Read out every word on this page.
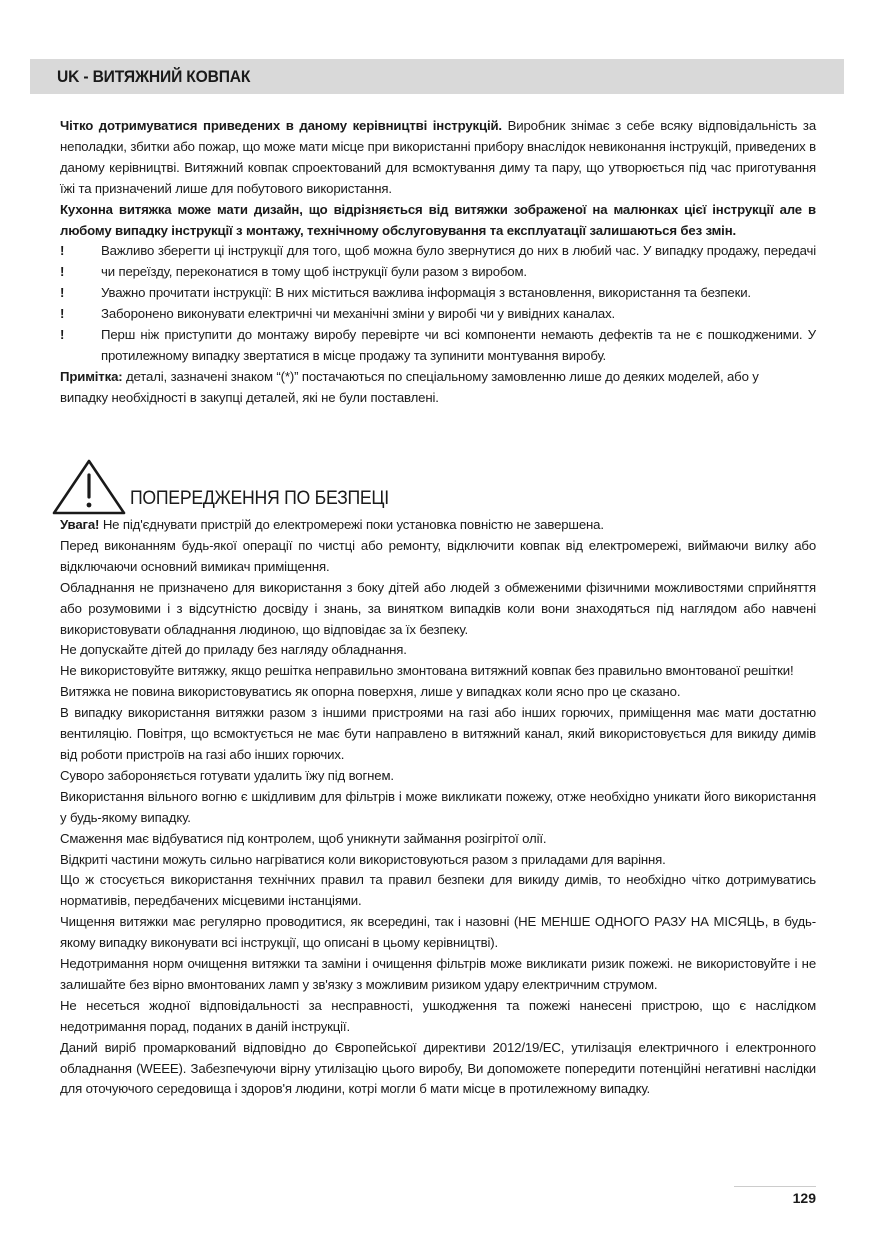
UK - ВИТЯЖНИЙ КОВПАК

Чітко дотримуватися приведених в даному керівництві інструкцій. Виробник знімає з себе всяку відповідальність за неполадки, збитки або пожар, що може мати місце при використанні прибору внаслідок невиконання інструкцій, приведених в даному керівництві. Витяжний ковпак спроектований для всмоктування диму та пару, що утворюється під час приготування їжі та призначений лише для побутового використання.

Кухонна витяжка може мати дизайн, що відрізняється від витяжки зображеної на малюнках цієї інструкції але в любому випадку інструкції з монтажу, технічному обслуговування та експлуатації залишаються без змін.

!
!
Важливо зберегти ці інструкції для того, щоб можна було звернутися до них в любий час. У випадку продажу, передачі чи переїзду, переконатися в тому щоб інструкції були разом з виробом.
!	Уважно прочитати інструкції: В них міститься важлива інформація з встановлення, використання та безпеки.
!	Заборонено виконувати електричні чи механічні зміни у виробі чи у вивідних каналах.
!	Перш ніж приступити до монтажу виробу перевірте чи всі компоненти немають дефектів та не є пошкодженими. У протилежному випадку звертатися в місце продажу та зупинити монтування виробу.

Примітка: деталі, зазначені знаком “(*)” постачаються по спеціальному замовленню лише до деяких моделей, або у

випадку необхідності в закупці деталей, які не були поставлені.

ПОПЕРЕДЖЕННЯ ПО БЕЗПЕЦІ

Увага! Не під'єднувати пристрій до електромережі поки установка повністю не завершена.

Перед виконанням будь-якої операції по чистці або ремонту, відключити ковпак від електромережі, виймаючи вилку або відключаючи основний вимикач приміщення.

Обладнання не призначено для використання з боку дітей або людей з обмеженими фізичними можливостями сприйняття або розумовими і з відсутністю досвіду і знань, за винятком випадків коли вони знаходяться під наглядом або навчені використовувати обладнання людиною, що відповідає за їх безпеку.

Не допускайте дітей до приладу без нагляду обладнання.

Не використовуйте витяжку, якщо решітка неправильно змонтована витяжний ковпак без правильно вмонтованої решітки!

Витяжка не повина використовуватись як опорна поверхня, лише у випадках коли ясно про це сказано.

В випадку використання витяжки разом з іншими пристроями на газі або інших горючих, приміщення має мати достатню вентиляцію. Повітря, що всмоктується не має бути направлено в витяжний канал, який використовується для викиду димів від роботи пристроїв на газі або інших горючих.

Суворо забороняється готувати удалить їжу під вогнем.

Використання вільного вогню є шкідливим для фільтрів і може викликати пожежу, отже необхідно уникати його використання у будь-якому випадку.

Смаження має відбуватися під контролем, щоб уникнути займання розігрітої олії.

Відкриті частини можуть сильно нагріватися коли використовуються разом з приладами для варіння.

Що ж стосується використання технічних правил та правил безпеки для викиду димів, то необхідно чітко дотримуватись нормативів, передбачених місцевими інстанціями.

Чищення витяжки має регулярно проводитися, як всередині, так і назовні (НЕ МЕНШЕ ОДНОГО РАЗУ НА МІСЯЦЬ, в будь-якому випадку виконувати всі інструкції, що описані в цьому керівництві).

Недотримання норм очищення витяжки та заміни і очищення фільтрів може викликати ризик пожежі. не використовуйте і не залишайте без вірно вмонтованих ламп у зв'язку з можливим ризиком удару електричним струмом.

Не несеться жодної відповідальності за несправності, ушкодження та пожежі нанесені пристрою, що є наслідком недотримання порад, поданих в даній інструкції.

Даний виріб промаркований відповідно до Європейської директиви 2012/19/ЕС, утилізація електричного і електронного обладнання (WEEE). Забезпечуючи вірну утилізацію цього виробу, Ви допоможете попередити потенційні негативні наслідки для оточуючого середовища і здоров'я людини, котрі могли б мати місце в протилежному випадку.

129
